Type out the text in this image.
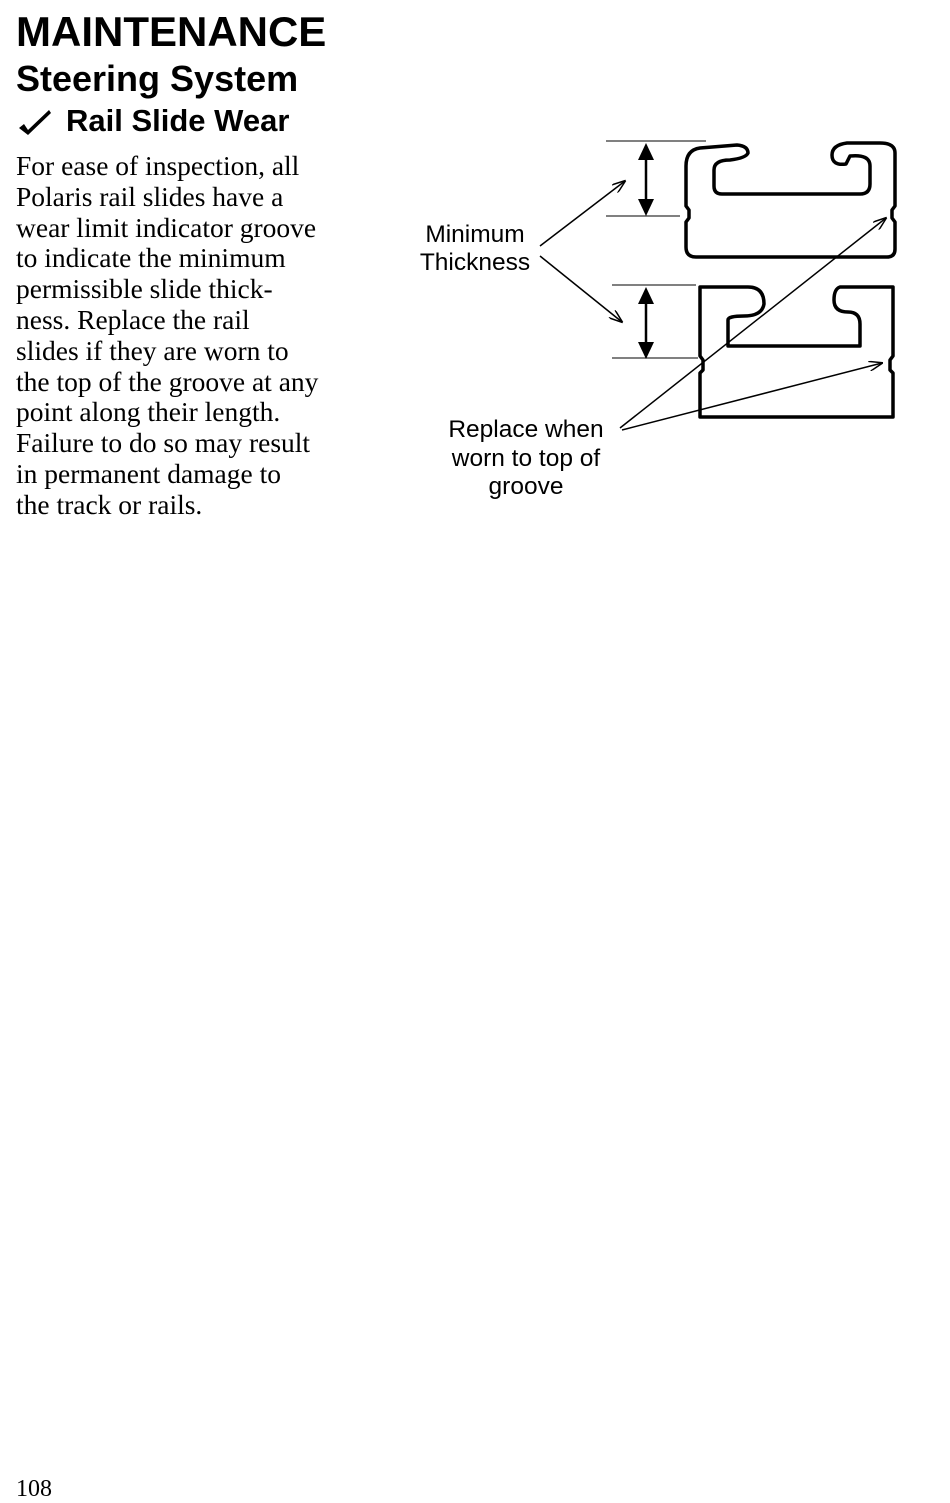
MAINTENANCE
Steering System
Rail Slide Wear
For ease of inspection, all
Polaris rail slides have a
wear limit indicator groove
to indicate the minimum
permissible slide thick-
ness. Replace the rail
slides if they are worn to
the top of the groove at any
point along their length.
Failure to do so may result
in permanent damage to
the track or rails.
Minimum
Thickness
Replace when
worn to top of
groove
108
